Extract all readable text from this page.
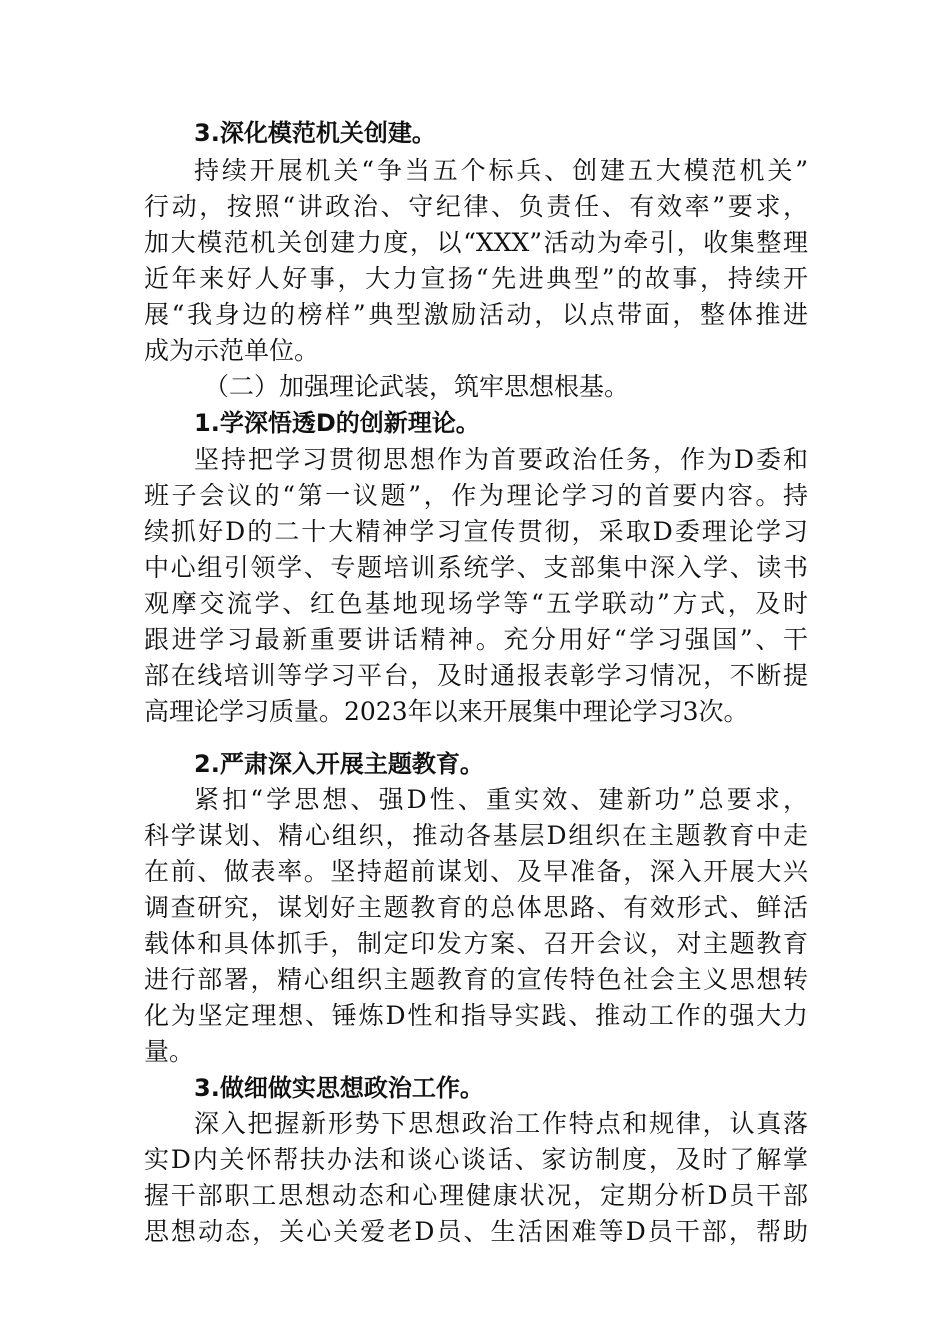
3.深化模范机关创建。
持续开展机关“争当五个标兵、创建五大模范机关”
行动，按照“讲政治、守纪律、负责任、有效率”要求，
加大模范机关创建力度，以“XXX”活动为牵引，收集整理
近年来好人好事，大力宣扬“先进典型”的故事，持续开
展“我身边的榜样”典型激励活动，以点带面，整体推进
成为示范单位。
（二）加强理论武装，筑牢思想根基。
1.学深悟透D的创新理论。
坚持把学习贯彻思想作为首要政治任务，作为D委和
班子会议的“第一议题”，作为理论学习的首要内容。持
续抓好D的二十大精神学习宣传贯彻，采取D委理论学习
中心组引领学、专题培训系统学、支部集中深入学、读书
观摩交流学、红色基地现场学等“五学联动”方式，及时
跟进学习最新重要讲话精神。充分用好“学习强国”、干
部在线培训等学习平台，及时通报表彰学习情况，不断提
高理论学习质量。2023年以来开展集中理论学习3次。
2.严肃深入开展主题教育。
紧扣“学思想、强D性、重实效、建新功”总要求，
科学谋划、精心组织，推动各基层D组织在主题教育中走
在前、做表率。坚持超前谋划、及早准备，深入开展大兴
调查研究，谋划好主题教育的总体思路、有效形式、鲜活
载体和具体抓手，制定印发方案、召开会议，对主题教育
进行部署，精心组织主题教育的宣传特色社会主义思想转
化为坚定理想、锤炼D性和指导实践、推动工作的强大力
量。
3.做细做实思想政治工作。
深入把握新形势下思想政治工作特点和规律，认真落
实D内关怀帮扶办法和谈心谈话、家访制度，及时了解掌
握干部职工思想动态和心理健康状况，定期分析D员干部
思想动态，关心关爱老D员、生活困难等D员干部，帮助
